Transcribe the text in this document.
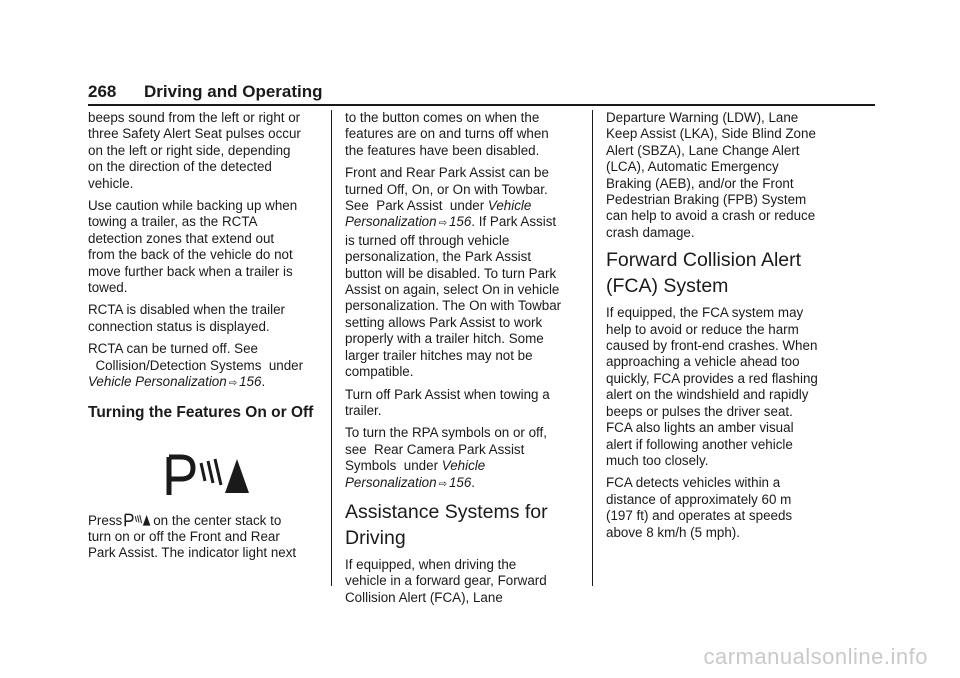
268 Driving and Operating

beeps sound from the left or right or
three Safety Alert Seat pulses occur
on the left or right side, depending
on the direction of the detected
vehicle.

Use caution while backing up when
towing a trailer, as the RCTA
detection zones that extend out
from the back of the vehicle do not
move further back when a trailer is
towed.

RCTA is disabled when the trailer
connection status is displayed.

RCTA can be turned off. See
Collision/Detection Systems  under
Vehicle Personalization ⇨ 156.

Turning the Features On or Off

Press on the center stack to
turn on or off the Front and Rear
Park Assist. The indicator light next

to the button comes on when the
features are on and turns off when
the features have been disabled.

Front and Rear Park Assist can be
turned Off, On, or On with Towbar.
See  Park Assist  under Vehicle
Personalization ⇨ 156. If Park Assist
is turned off through vehicle
personalization, the Park Assist
button will be disabled. To turn Park
Assist on again, select On in vehicle
personalization. The On with Towbar
setting allows Park Assist to work
properly with a trailer hitch. Some
larger trailer hitches may not be
compatible.

Turn off Park Assist when towing a
trailer.

To turn the RPA symbols on or off,
see  Rear Camera Park Assist
Symbols  under Vehicle
Personalization ⇨ 156.

Assistance Systems for
Driving

If equipped, when driving the
vehicle in a forward gear, Forward
Collision Alert (FCA), Lane

Departure Warning (LDW), Lane
Keep Assist (LKA), Side Blind Zone
Alert (SBZA), Lane Change Alert
(LCA), Automatic Emergency
Braking (AEB), and/or the Front
Pedestrian Braking (FPB) System
can help to avoid a crash or reduce
crash damage.

Forward Collision Alert
(FCA) System

If equipped, the FCA system may
help to avoid or reduce the harm
caused by front-end crashes. When
approaching a vehicle ahead too
quickly, FCA provides a red flashing
alert on the windshield and rapidly
beeps or pulses the driver seat.
FCA also lights an amber visual
alert if following another vehicle
much too closely.

FCA detects vehicles within a
distance of approximately 60 m
(197 ft) and operates at speeds
above 8 km/h (5 mph).

carmanualsonline.info
